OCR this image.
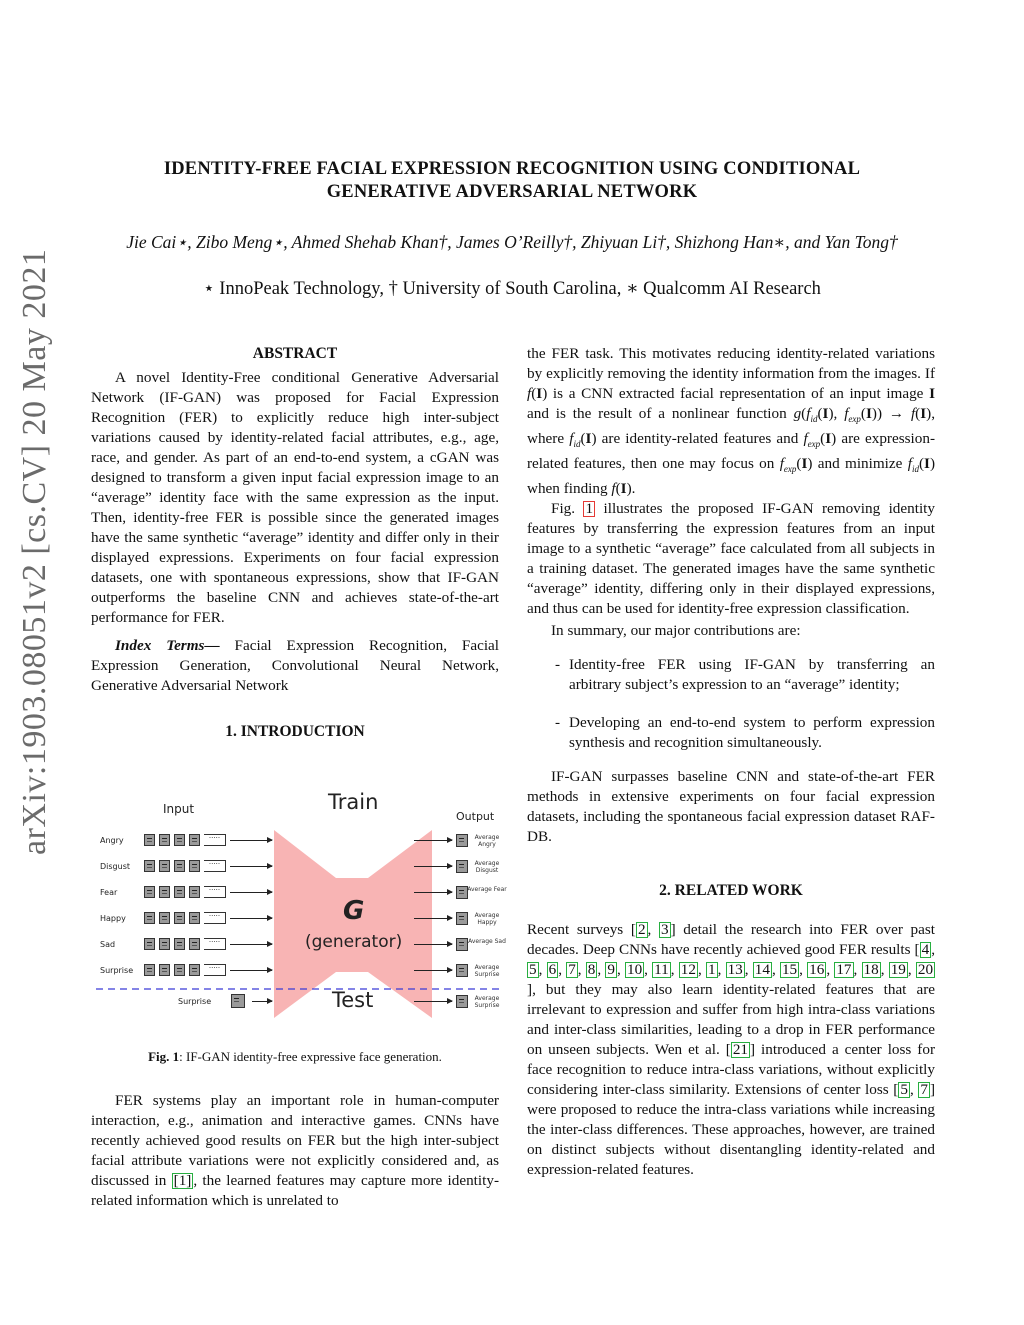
arXiv:1903.08051v2 [cs.CV] 20 May 2021
IDENTITY-FREE FACIAL EXPRESSION RECOGNITION USING CONDITIONAL
GENERATIVE ADVERSARIAL NETWORK
Jie Cai⋆, Zibo Meng⋆, Ahmed Shehab Khan†, James O’Reilly†, Zhiyuan Li†, Shizhong Han∗, and Yan Tong†
⋆ InnoPeak Technology, † University of South Carolina, ∗ Qualcomm AI Research
ABSTRACT

A novel Identity-Free conditional Generative Adversarial Network (IF-GAN) was proposed for Facial Expression Recognition (FER) to explicitly reduce high inter-subject variations caused by identity-related facial attributes, e.g., age, race, and gender. As part of an end-to-end system, a cGAN was designed to transform a given input facial expression image to an “average” identity face with the same expression as the input. Then, identity-free FER is possible since the generated images have the same synthetic “average” identity and differ only in their displayed expressions. Experiments on four facial expression datasets, one with spontaneous expressions, show that IF-GAN outperforms the baseline CNN and achieves state-of-the-art performance for FER.

Index Terms— Facial Expression Recognition, Facial Expression Generation, Convolutional Neural Network, Generative Adversarial Network

1. INTRODUCTION
Input	Train
Output
G
(generator)
Test
Angry	·····	Average Angry
Disgust	·····	Average Disgust
Fear	·····	Average Fear
Happy	·····	Average Happy
Sad	·····	Average Sad
Surprise	·····	Average Surprise
Surprise	Average Surprise
Fig. 1: IF-GAN identity-free expressive face generation.

FER systems play an important role in human-computer interaction, e.g., animation and interactive games. CNNs have recently achieved good results on FER but the high inter-subject facial attribute variations were not explicitly considered and, as discussed in [1] , the learned features may capture more identity-related information which is unrelated to

the FER task. This motivates reducing identity-related variations by explicitly removing the identity information from the images. If f(I) is a CNN extracted facial representation of an input image I and is the result of a nonlinear function $g(f_{id}(I)$, $f_{exp}(I)) \to f(I)$, where $f_{id}(I)$ are identity-related features and $f_{exp}(I)$ are expression-related features, then one may focus on $f_{exp}(I)$ and minimize $f_{id}(I)$ when finding f(I).

Fig. 1 illustrates the proposed IF-GAN removing identity features by transferring the expression features from an input image to a synthetic “average” face calculated from all subjects in a training dataset. The generated images have the same synthetic “average” identity, differing only in their displayed expressions, and thus can be used for identity-free expression classification.

In summary, our major contributions are:

- Identity-free FER using IF-GAN by transferring an arbitrary subject’s expression to an “average” identity;
- Developing an end-to-end system to perform expression synthesis and recognition simultaneously.

IF-GAN surpasses baseline CNN and state-of-the-art FER methods in extensive experiments on four facial expression datasets, including the spontaneous facial expression dataset RAF-DB.

2. RELATED WORK

Recent surveys [ 2 , 3 ] detail the research into FER over past decades. Deep CNNs have recently achieved good FER results [ 4 , 5 , 6 , 7 , 8 , 9 , 10 , 11 , 12 , 1 , 13 , 14 , 15 , 16 , 17 , 18 , 19 , 20], but they may also learn identity-related features that are irrelevant to expression and suffer from high intra-class variations and inter-class similarities, leading to a drop in FER performance on unseen subjects. Wen et al. [ 21 ] introduced a center loss for face recognition to reduce intra-class variations, without explicitly considering inter-class similarity. Extensions of center loss [ 5 , 7 ] were proposed to reduce the intra-class variations while increasing the inter-class differences. These approaches, however, are trained on distinct subjects without disentangling identity-related and expression-related features.
